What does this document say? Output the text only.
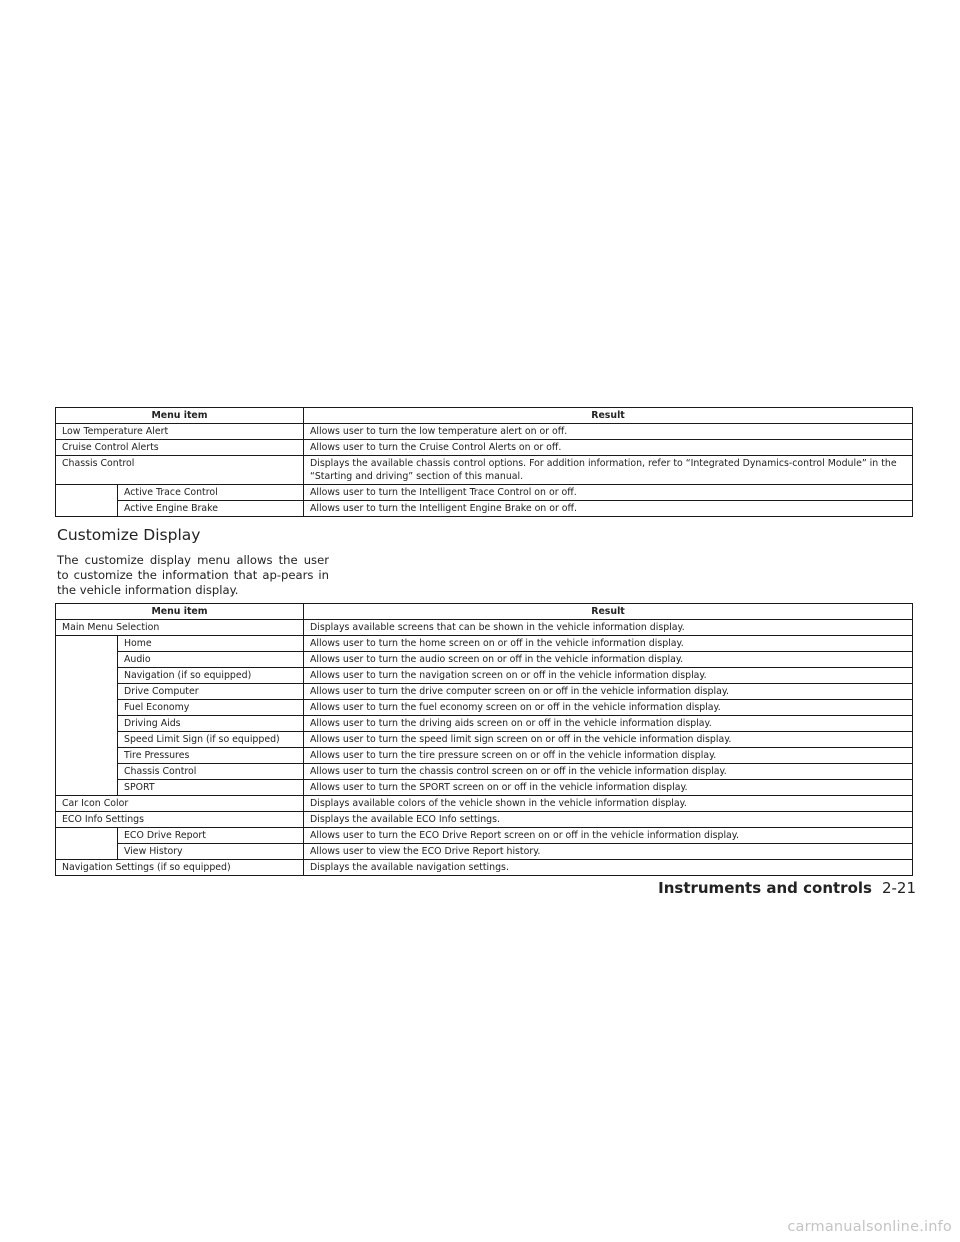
Menu item		Result
Low Temperature Alert		Allows user to turn the low temperature alert on or off.
Cruise Control Alerts		Allows user to turn the Cruise Control Alerts on or off.
Chassis Control		Displays the available chassis control options. For addition information, refer to “Integrated Dynamics-control Module” in the “Starting and driving” section of this manual.
	Active Trace Control	Allows user to turn the Intelligent Trace Control on or off.
	Active Engine Brake	Allows user to turn the Intelligent Engine Brake on or off.
Customize Display

The customize display menu allows the user to customize the information that ap-pears in the vehicle information display.

Menu item		Result
Main Menu Selection		Displays available screens that can be shown in the vehicle information display.
	Home	Allows user to turn the home screen on or off in the vehicle information display.
	Audio	Allows user to turn the audio screen on or off in the vehicle information display.
	Navigation (if so equipped)	Allows user to turn the navigation screen on or off in the vehicle information display.
	Drive Computer	Allows user to turn the drive computer screen on or off in the vehicle information display.
	Fuel Economy	Allows user to turn the fuel economy screen on or off in the vehicle information display.
	Driving Aids	Allows user to turn the driving aids screen on or off in the vehicle information display.
	Speed Limit Sign (if so equipped)	Allows user to turn the speed limit sign screen on or off in the vehicle information display.
	Tire Pressures	Allows user to turn the tire pressure screen on or off in the vehicle information display.
	Chassis Control	Allows user to turn the chassis control screen on or off in the vehicle information display.
	SPORT	Allows user to turn the SPORT screen on or off in the vehicle information display.
Car Icon Color		Displays available colors of the vehicle shown in the vehicle information display.
ECO Info Settings		Displays the available ECO Info settings.
	ECO Drive Report	Allows user to turn the ECO Drive Report screen on or off in the vehicle information display.
	View History	Allows user to view the ECO Drive Report history.
Navigation Settings (if so equipped)		Displays the available navigation settings.
Instruments and controls 2-21
carmanualsonline.info
